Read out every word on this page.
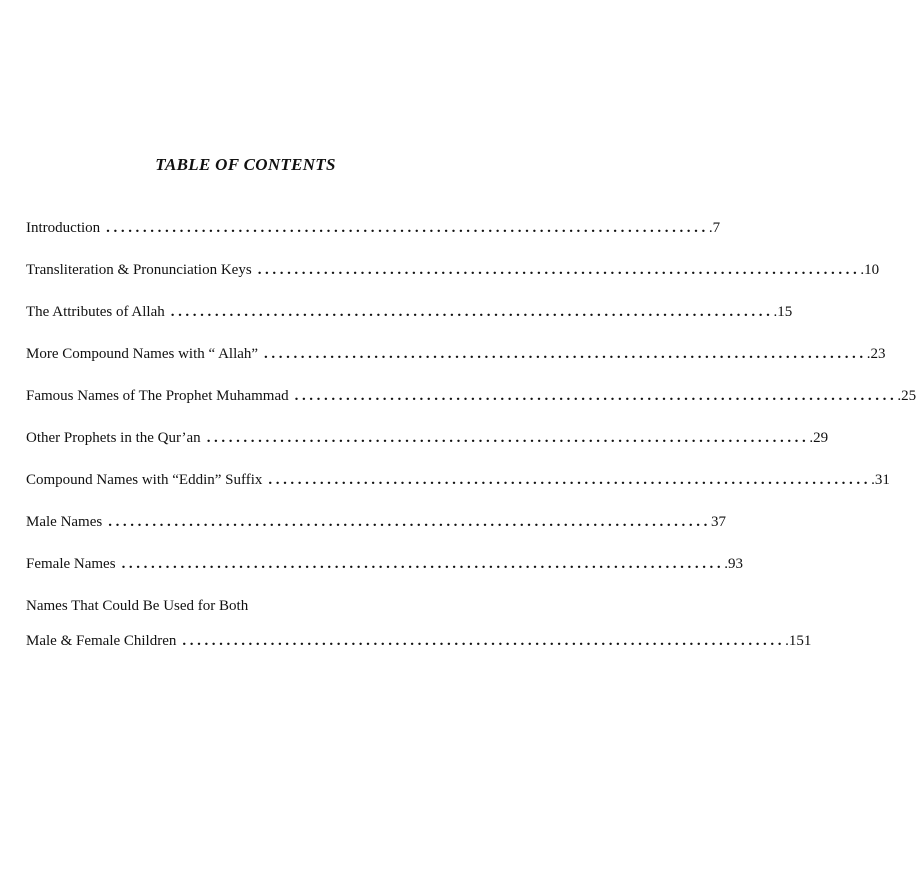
TABLE OF CONTENTS
Introduction .................................................................................. .7
Transliteration & Pronunciation Keys .................................................................................. .10
The Attributes of Allah .................................................................................. .15
More Compound Names with “ Allah” .................................................................................. .23
Famous Names of The Prophet Muhammad .................................................................................. .25
Other Prophets in the Qur’an .................................................................................. .29
Compound Names with “Eddin” Suffix .................................................................................. .31
Male Names .................................................................................. 37
Female Names .................................................................................. .93
Names That Could Be Used for Both
Male & Female Children .................................................................................. .151
